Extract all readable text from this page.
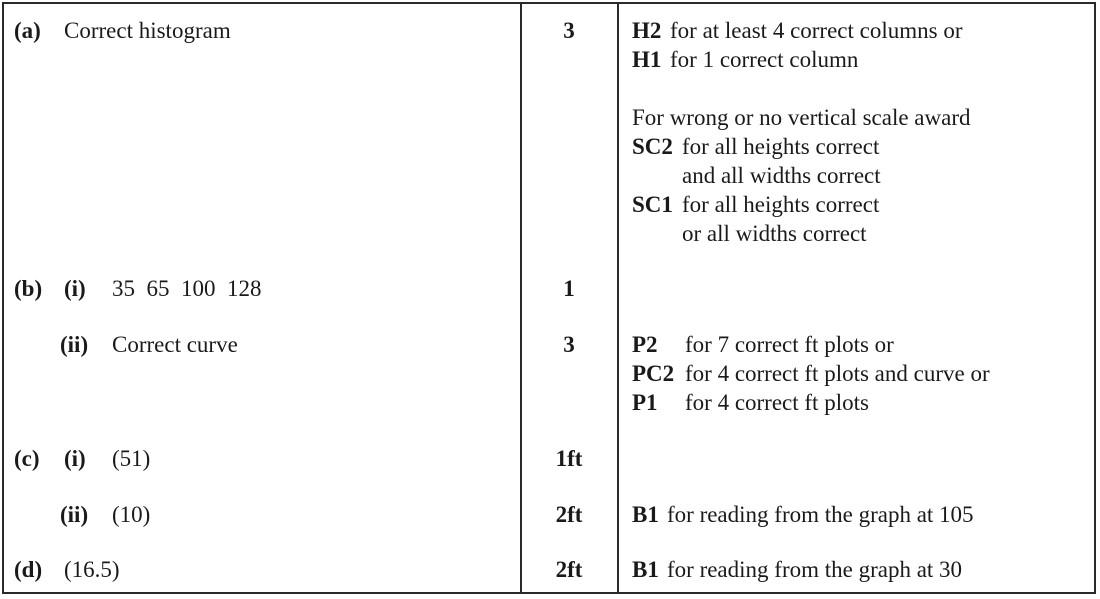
(a) Correct histogram	3	H2 for at least 4 correct columns or
H1 for 1 correct column
For wrong or no vertical scale award
SC2 for all heights correct
and all widths correct
SC1 for all heights correct
or all widths correct
(b) (i) 35  65  100  128	1
(ii) Correct curve	3	P2 for 7 correct ft plots or
PC2 for 4 correct ft plots and curve or
P1 for 4 correct ft plots
(c) (i) (51)	1ft
(ii) (10)	2ft	B1 for reading from the graph at 105
(d) (16.5)	2ft	B1 for reading from the graph at 30
